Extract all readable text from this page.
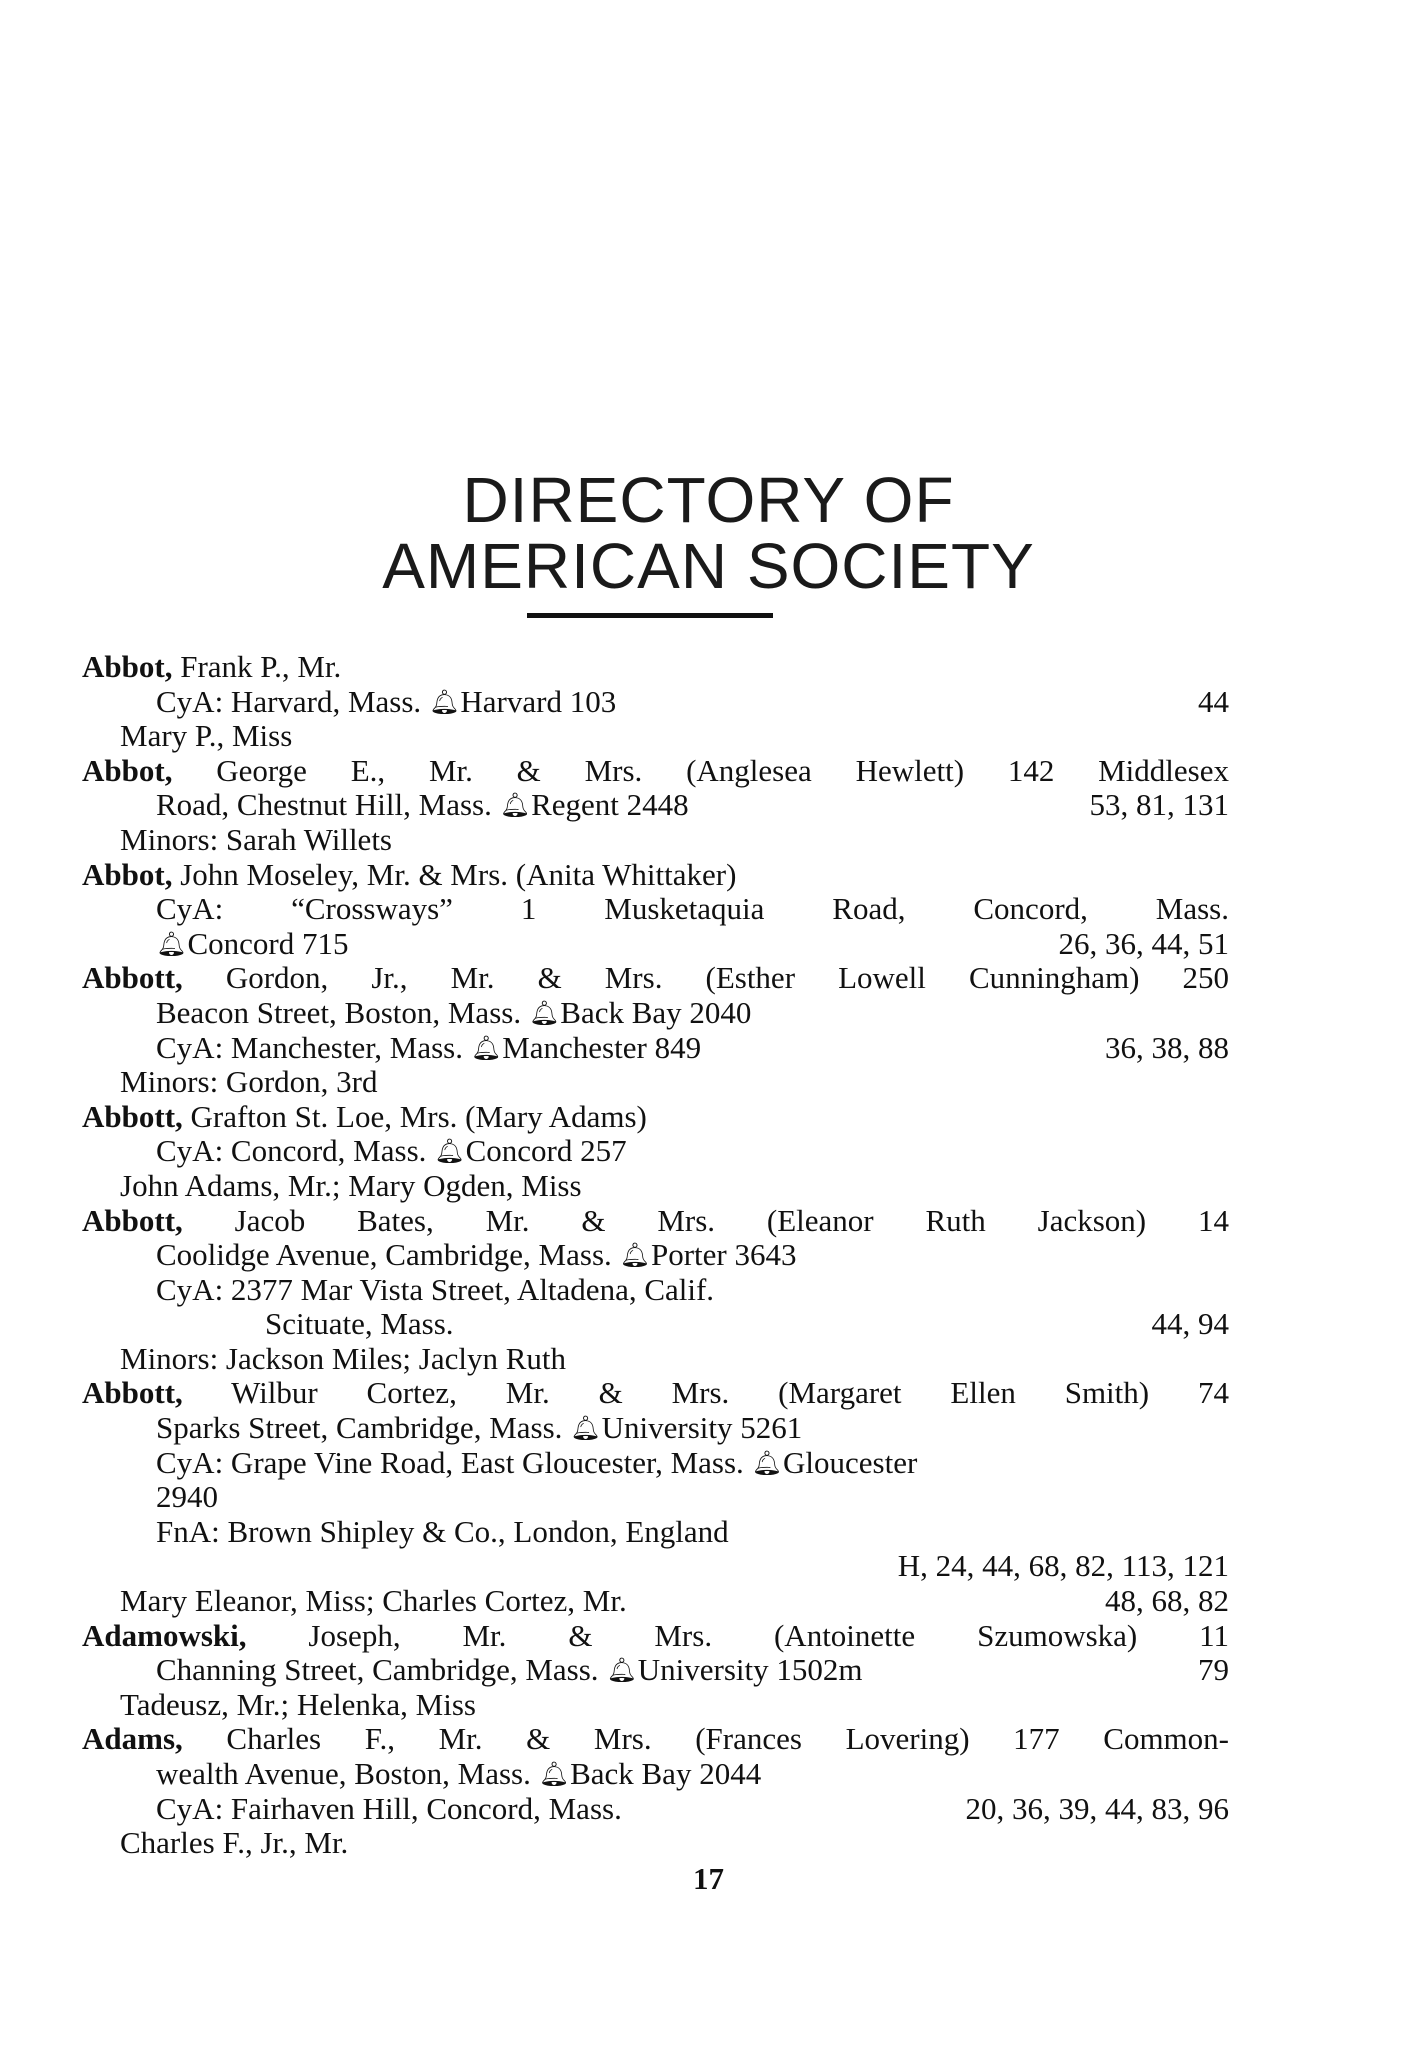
DIRECTORY OF
AMERICAN SOCIETY
Abbot, Frank P., Mr.
CyA: Harvard, Mass. 🔔︎Harvard 103	44
Mary P., Miss
Abbot, George E., Mr. & Mrs. (Anglesea Hewlett) 142 Middlesex
Road, Chestnut Hill, Mass. 🔔︎Regent 2448	53, 81, 131
Minors: Sarah Willets
Abbot, John Moseley, Mr. & Mrs. (Anita Whittaker)
CyA: “Crossways” 1 Musketaquia Road, Concord, Mass.
🔔︎Concord 715	26, 36, 44, 51
Abbott, Gordon, Jr., Mr. & Mrs. (Esther Lowell Cunningham) 250
Beacon Street, Boston, Mass. 🔔︎Back Bay 2040
CyA: Manchester, Mass. 🔔︎Manchester 849	36, 38, 88
Minors: Gordon, 3rd
Abbott, Grafton St. Loe, Mrs. (Mary Adams)
CyA: Concord, Mass. 🔔︎Concord 257
John Adams, Mr.; Mary Ogden, Miss
Abbott, Jacob Bates, Mr. & Mrs. (Eleanor Ruth Jackson) 14
Coolidge Avenue, Cambridge, Mass. 🔔︎Porter 3643
CyA: 2377 Mar Vista Street, Altadena, Calif.
Scituate, Mass.	44, 94
Minors: Jackson Miles; Jaclyn Ruth
Abbott, Wilbur Cortez, Mr. & Mrs. (Margaret Ellen Smith) 74
Sparks Street, Cambridge, Mass. 🔔︎University 5261
CyA: Grape Vine Road, East Gloucester, Mass. 🔔︎Gloucester
2940
FnA: Brown Shipley & Co., London, England
H, 24, 44, 68, 82, 113, 121
Mary Eleanor, Miss; Charles Cortez, Mr.	48, 68, 82
Adamowski, Joseph, Mr. & Mrs. (Antoinette Szumowska) 11
Channing Street, Cambridge, Mass. 🔔︎University 1502m	79
Tadeusz, Mr.; Helenka, Miss
Adams, Charles F., Mr. & Mrs. (Frances Lovering) 177 Common-
wealth Avenue, Boston, Mass. 🔔︎Back Bay 2044
CyA: Fairhaven Hill, Concord, Mass.	20, 36, 39, 44, 83, 96
Charles F., Jr., Mr.
17
